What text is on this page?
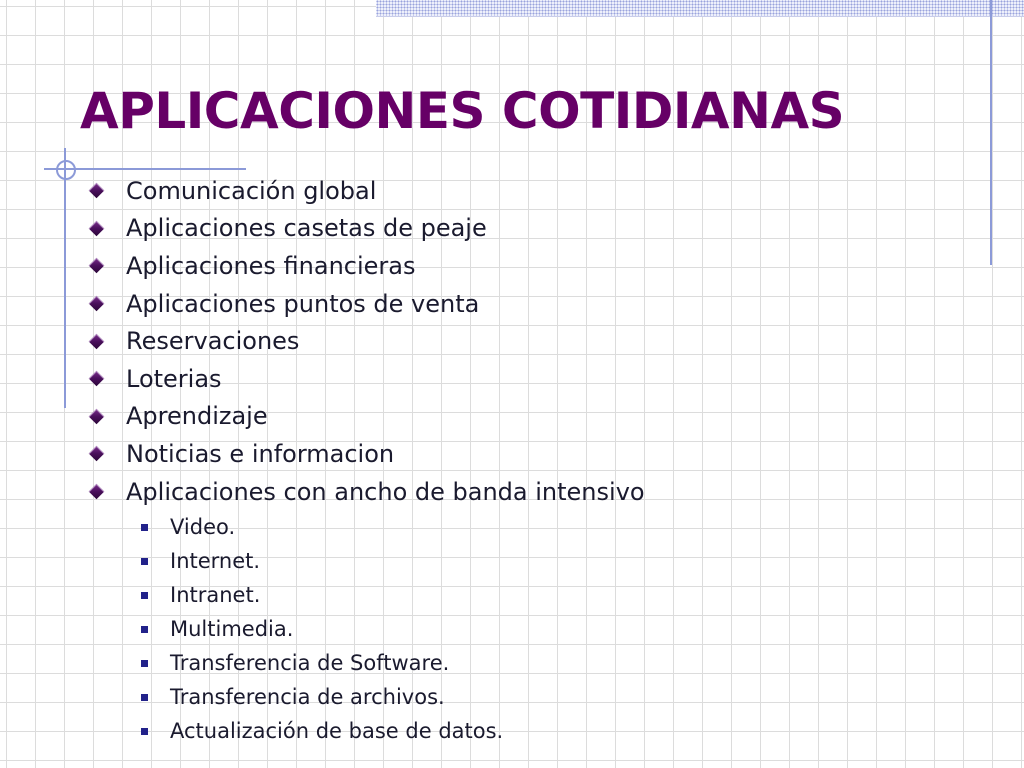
APLICACIONES COTIDIANAS
Comunicación global
Aplicaciones casetas de peaje
Aplicaciones financieras
Aplicaciones puntos de venta
Reservaciones
Loterias
Aprendizaje
Noticias e informacion
Aplicaciones con ancho de banda intensivo
Video.
Internet.
Intranet.
Multimedia.
Transferencia de Software.
Transferencia de archivos.
Actualización de base de datos.
